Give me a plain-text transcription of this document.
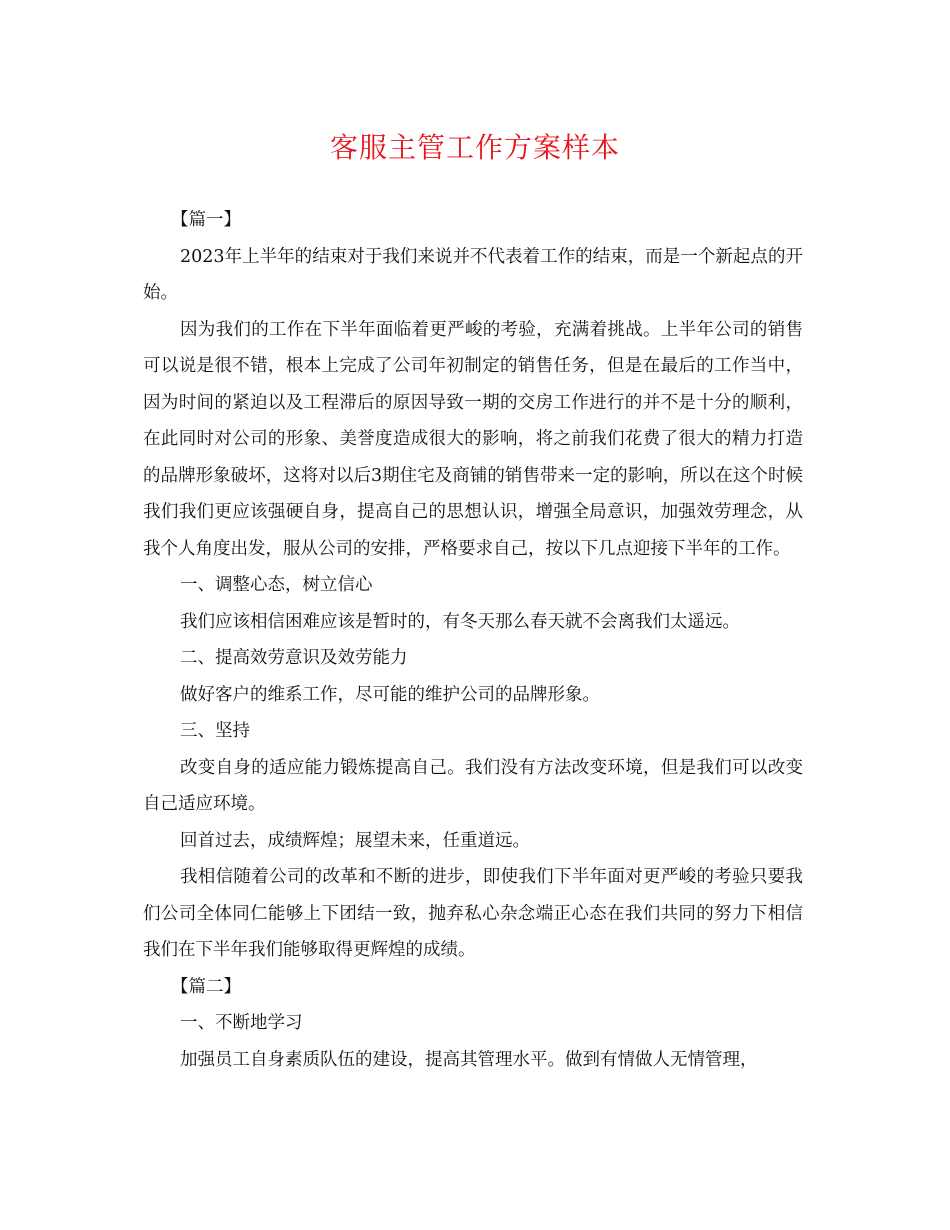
客服主管工作方案样本

【篇一】

2023年上半年的结束对于我们来说并不代表着工作的结束，而是一个新起点的开始。

因为我们的工作在下半年面临着更严峻的考验，充满着挑战。上半年公司的销售可以说是很不错，根本上完成了公司年初制定的销售任务，但是在最后的工作当中，因为时间的紧迫以及工程滞后的原因导致一期的交房工作进行的并不是十分的顺利，在此同时对公司的形象、美誉度造成很大的影响，将之前我们花费了很大的精力打造的品牌形象破坏，这将对以后3期住宅及商铺的销售带来一定的影响，所以在这个时候我们我们更应该强硬自身，提高自己的思想认识，增强全局意识，加强效劳理念，从我个人角度出发，服从公司的安排，严格要求自己，按以下几点迎接下半年的工作。

一、调整心态，树立信心

我们应该相信困难应该是暂时的，有冬天那么春天就不会离我们太遥远。

二、提高效劳意识及效劳能力

做好客户的维系工作，尽可能的维护公司的品牌形象。

三、坚持

改变自身的适应能力锻炼提高自己。我们没有方法改变环境，但是我们可以改变自己适应环境。

回首过去，成绩辉煌；展望未来，任重道远。

我相信随着公司的改革和不断的进步，即使我们下半年面对更严峻的考验只要我们公司全体同仁能够上下团结一致，抛弃私心杂念端正心态在我们共同的努力下相信我们在下半年我们能够取得更辉煌的成绩。

【篇二】

一、不断地学习

加强员工自身素质队伍的建设，提高其管理水平。做到有情做人无情管理，
